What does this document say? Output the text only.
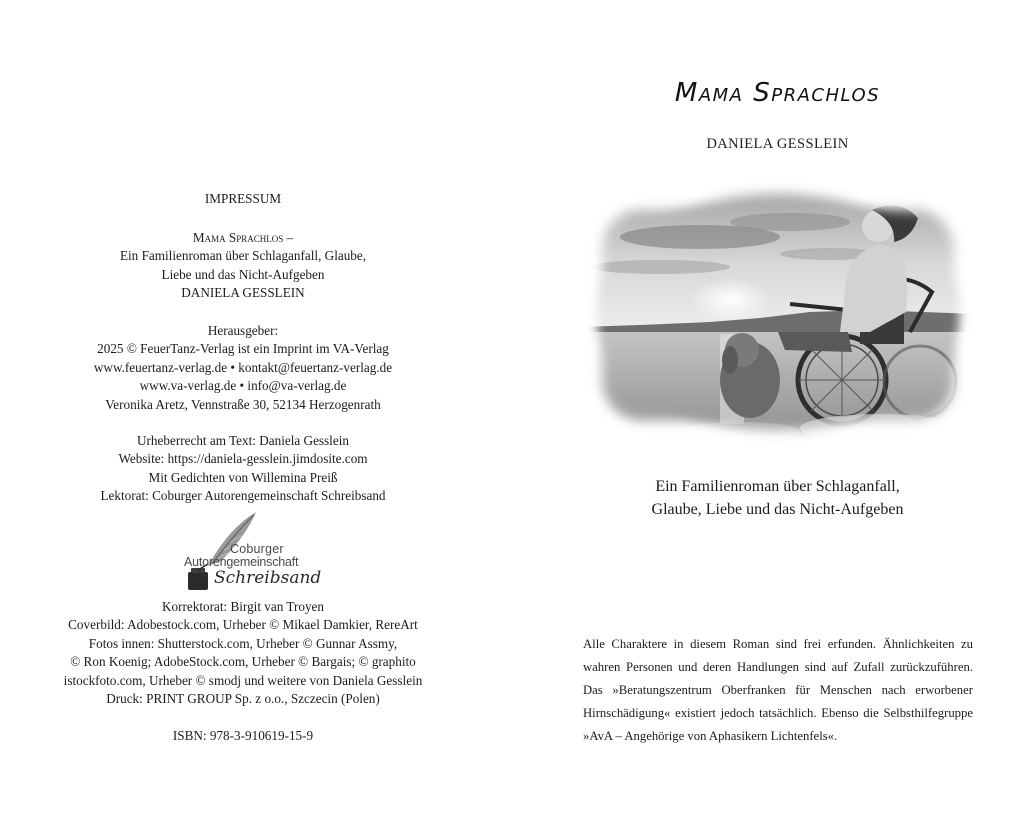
IMPRESSUM
Mama Sprachlos –
Ein Familienroman über Schlaganfall, Glaube,
Liebe und das Nicht-Aufgeben
DANIELA GESSLEIN
Herausgeber:
2025 © FeuerTanz-Verlag ist ein Imprint im VA-Verlag
www.feuertanz-verlag.de • kontakt@feuertanz-verlag.de
www.va-verlag.de • info@va-verlag.de
Veronika Aretz, Vennstraße 30, 52134 Herzogenrath
Urheberrecht am Text: Daniela Gesslein
Website: https://daniela-gesslein.jimdosite.com
Mit Gedichten von Willemina Preiß
Lektorat: Coburger Autorengemeinschaft Schreibsand
Coburger
Autorengemeinschaft
Schreibsand
Korrektorat: Birgit van Troyen
Coverbild: Adobestock.com, Urheber © Mikael Damkier, RereArt
Fotos innen: Shutterstock.com, Urheber © Gunnar Assmy,
© Ron Koenig; AdobeStock.com, Urheber © Bargais; © graphito
istockfoto.com, Urheber © smodj und weitere von Daniela Gesslein
Druck: PRINT GROUP Sp. z o.o., Szczecin (Polen)
ISBN: 978-3-910619-15-9
Mama Sprachlos
DANIELA GESSLEIN
Ein Familienroman über Schlaganfall,
Glaube, Liebe und das Nicht-Aufgeben

Alle Charaktere in diesem Roman sind frei erfunden. Ähnlichkeiten zu wahren Personen und deren Handlungen sind auf Zufall zurückzuführen. Das »Beratungszentrum Oberfranken für Menschen nach erworbener Hirnschädigung« existiert jedoch tatsächlich. Ebenso die Selbsthilfegruppe »AvA – Angehörige von Aphasikern Lichtenfels«.
